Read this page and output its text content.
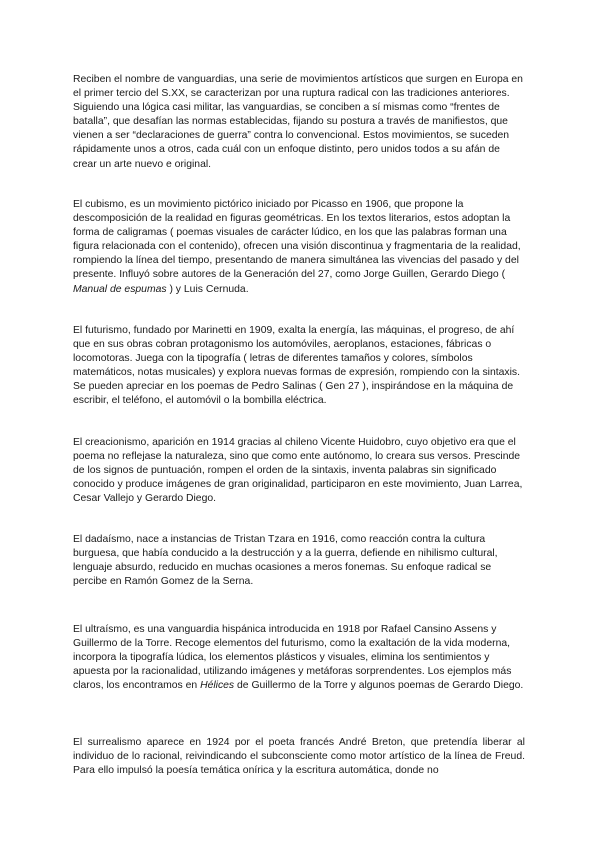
Reciben el nombre de vanguardias, una serie de movimientos artísticos que surgen en Europa en el primer tercio del S.XX, se caracterizan por una ruptura radical con las tradiciones anteriores. Siguiendo una lógica casi militar, las vanguardias, se conciben a sí mismas como “frentes de batalla”, que desafían las normas establecidas, fijando su postura a través de manifiestos, que vienen a ser “declaraciones de guerra” contra lo convencional. Estos movimientos, se suceden rápidamente unos a otros, cada cuál con un enfoque distinto, pero unidos todos a su afán de crear un arte nuevo e original.

El cubismo, es un movimiento pictórico iniciado por Picasso en 1906, que propone la descomposición de la realidad en figuras geométricas. En los textos literarios, estos adoptan la forma de caligramas ( poemas visuales de carácter lúdico, en los que las palabras forman una figura relacionada con el contenido), ofrecen una visión discontinua y fragmentaria de la realidad, rompiendo la línea del tiempo, presentando de manera simultánea las vivencias del pasado y del presente. Influyó sobre autores de la Generación del 27, como Jorge Guillen, Gerardo Diego ( Manual de espumas ) y Luis Cernuda.

El futurismo, fundado por Marinetti en 1909, exalta la energía, las máquinas, el progreso, de ahí que en sus obras cobran protagonismo los automóviles, aeroplanos, estaciones, fábricas o locomotoras. Juega con la tipografía ( letras de diferentes tamaños y colores, símbolos matemáticos, notas musicales) y explora nuevas formas de expresión, rompiendo con la sintaxis. Se pueden apreciar en los poemas de Pedro Salinas ( Gen 27 ), inspirándose en la máquina de escribir, el teléfono, el automóvil o la bombilla eléctrica.

El creacionismo, aparición en 1914 gracias al chileno Vicente Huidobro, cuyo objetivo era que el poema no reflejase la naturaleza, sino que como ente autónomo, lo creara sus versos. Prescinde de los signos de puntuación, rompen el orden de la sintaxis, inventa palabras sin significado conocido y produce imágenes de gran originalidad, participaron en este movimiento, Juan Larrea, Cesar Vallejo y Gerardo Diego.

El dadaísmo, nace a instancias de Tristan Tzara en 1916, como reacción contra la cultura burguesa, que había conducido a la destrucción y a la guerra, defiende en nihilismo cultural, lenguaje absurdo, reducido en muchas ocasiones a meros fonemas. Su enfoque radical se percibe en Ramón Gomez de la Serna.

El ultraísmo, es una vanguardia hispánica introducida en 1918 por Rafael Cansino Assens y Guillermo de la Torre. Recoge elementos del futurismo, como la exaltación de la vida moderna, incorpora la tipografía lúdica, los elementos plásticos y visuales, elimina los sentimientos y apuesta por la racionalidad, utilizando imágenes y metáforas sorprendentes. Los ejemplos más claros, los encontramos en Hélices de Guillermo de la Torre y algunos poemas de Gerardo Diego.

El surrealismo aparece en 1924 por el poeta francés André Breton, que pretendía liberar al individuo de lo racional, reivindicando el subconsciente como motor artístico de la línea de Freud. Para ello impulsó la poesía temática onírica y la escritura automática, donde no
